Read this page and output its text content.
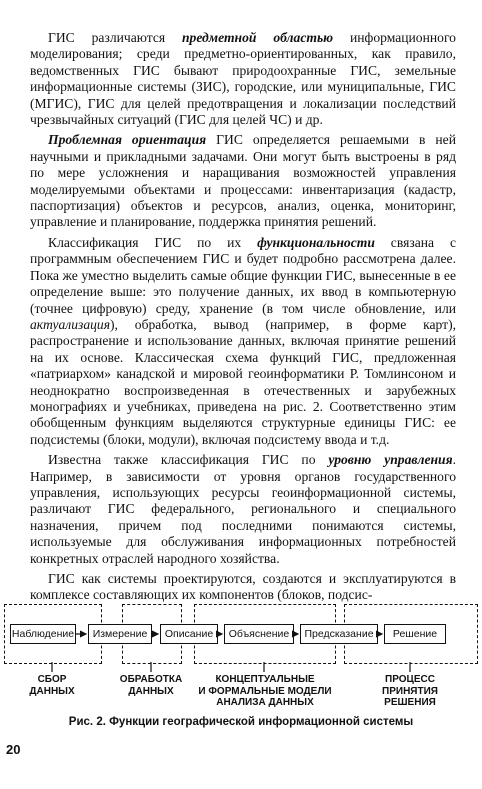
ГИС различаются предметной областью информационного моделирования; среди предметно-ориентированных, как правило, ведомственных ГИС бывают природоохранные ГИС, земельные информационные системы (ЗИС), городские, или муниципальные, ГИС (МГИС), ГИС для целей предотвращения и локализации последствий чрезвычайных ситуаций (ГИС для целей ЧС) и др.

Проблемная ориентация ГИС определяется решаемыми в ней научными и прикладными задачами. Они могут быть выстроены в ряд по мере усложнения и наращивания возможностей управления моделируемыми объектами и процессами: инвентаризация (кадастр, паспортизация) объектов и ресурсов, анализ, оценка, мониторинг, управление и планирование, поддержка принятия решений.

Классификация ГИС по их функциональности связана с программным обеспечением ГИС и будет подробно рассмотрена далее. Пока же уместно выделить самые общие функции ГИС, вынесенные в ее определение выше: это получение данных, их ввод в компьютерную (точнее цифровую) среду, хранение (в том числе обновление, или актуализация), обработка, вывод (например, в форме карт), распространение и использование данных, включая принятие решений на их основе. Классическая схема функций ГИС, предложенная «патриархом» канадской и мировой геоинформатики Р. Томлинсоном и неоднократно воспроизведенная в отечественных и зарубежных монографиях и учебниках, приведена на рис. 2. Соответственно этим обобщенным функциям выделяются структурные единицы ГИС: ее подсистемы (блоки, модули), включая подсистему ввода и т.д.

Известна также классификация ГИС по уровню управления. Например, в зависимости от уровня органов государственного управления, использующих ресурсы геоинформационной системы, различают ГИС федерального, регионального и специального назначения, причем под последними понимаются системы, используемые для обслуживания информационных потребностей конкретных отраслей народного хозяйства.

ГИС как системы проектируются, создаются и эксплуатируются в комплексе составляющих их компонентов (блоков, подсис-

Наблюдение	Измерение	Описание	Объяснение	Предсказание	Решение
СБОР
ДАННЫХ
ОБРАБОТКА
ДАННЫХ
КОНЦЕПТУАЛЬНЫЕ
И ФОРМАЛЬНЫЕ МОДЕЛИ
АНАЛИЗА ДАННЫХ
ПРОЦЕСС
ПРИНЯТИЯ
РЕШЕНИЯ
Рис. 2. Функции географической информационной системы
20
